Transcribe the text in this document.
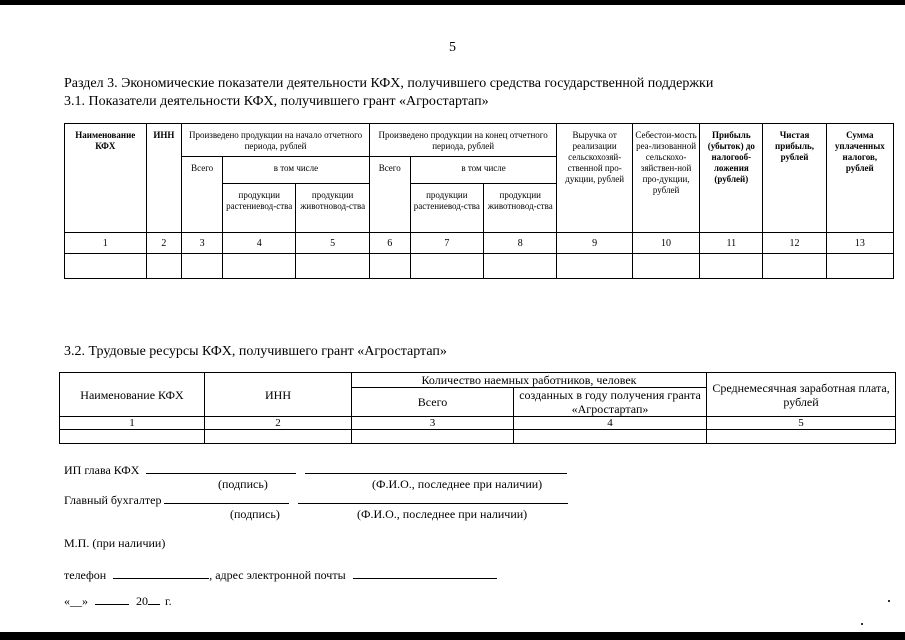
5
Раздел 3. Экономические показатели деятельности КФХ, получившего средства государственной поддержки
3.1. Показатели деятельности КФХ, получившего грант «Агростартап»
Наименование КФХ	ИНН	Произведено продукции на начало отчетного периода, рублей			Произведено продукции на конец отчетного периода, рублей			Выручка от реализации сельскохозяй-ственной про-дукции, рублей	Себестои-мость реа-лизованной сельскохо-зяйствен-ной про-дукции, рублей	Прибыль (убыток) до налогооб-ложения (рублей)	Чистая прибыль, рублей	Сумма уплаченных налогов, рублей
		Всего	в том числе		Всего	в том числе						
			продукции растениевод-ства	продукции животновод-ства		продукции растениевод-ства	продукции животновод-ства					
1	2	3	4	5	6	7	8	9	10	11	12	13

3.2. Трудовые ресурсы КФХ, получившего грант «Агростартап»
Наименование КФХ	ИНН	Количество наемных работников, человек		Среднемесячная заработная плата, рублей
		Всего	созданных в году получения гранта «Агростартап»	
1	2	3	4	5

ИП глава КФХ
(подпись)	(Ф.И.О., последнее при наличии)
Главный бухгалтер
(подпись)	(Ф.И.О., последнее при наличии)
М.П. (при наличии)
телефон	, адрес электронной почты
«__»	20 г.
